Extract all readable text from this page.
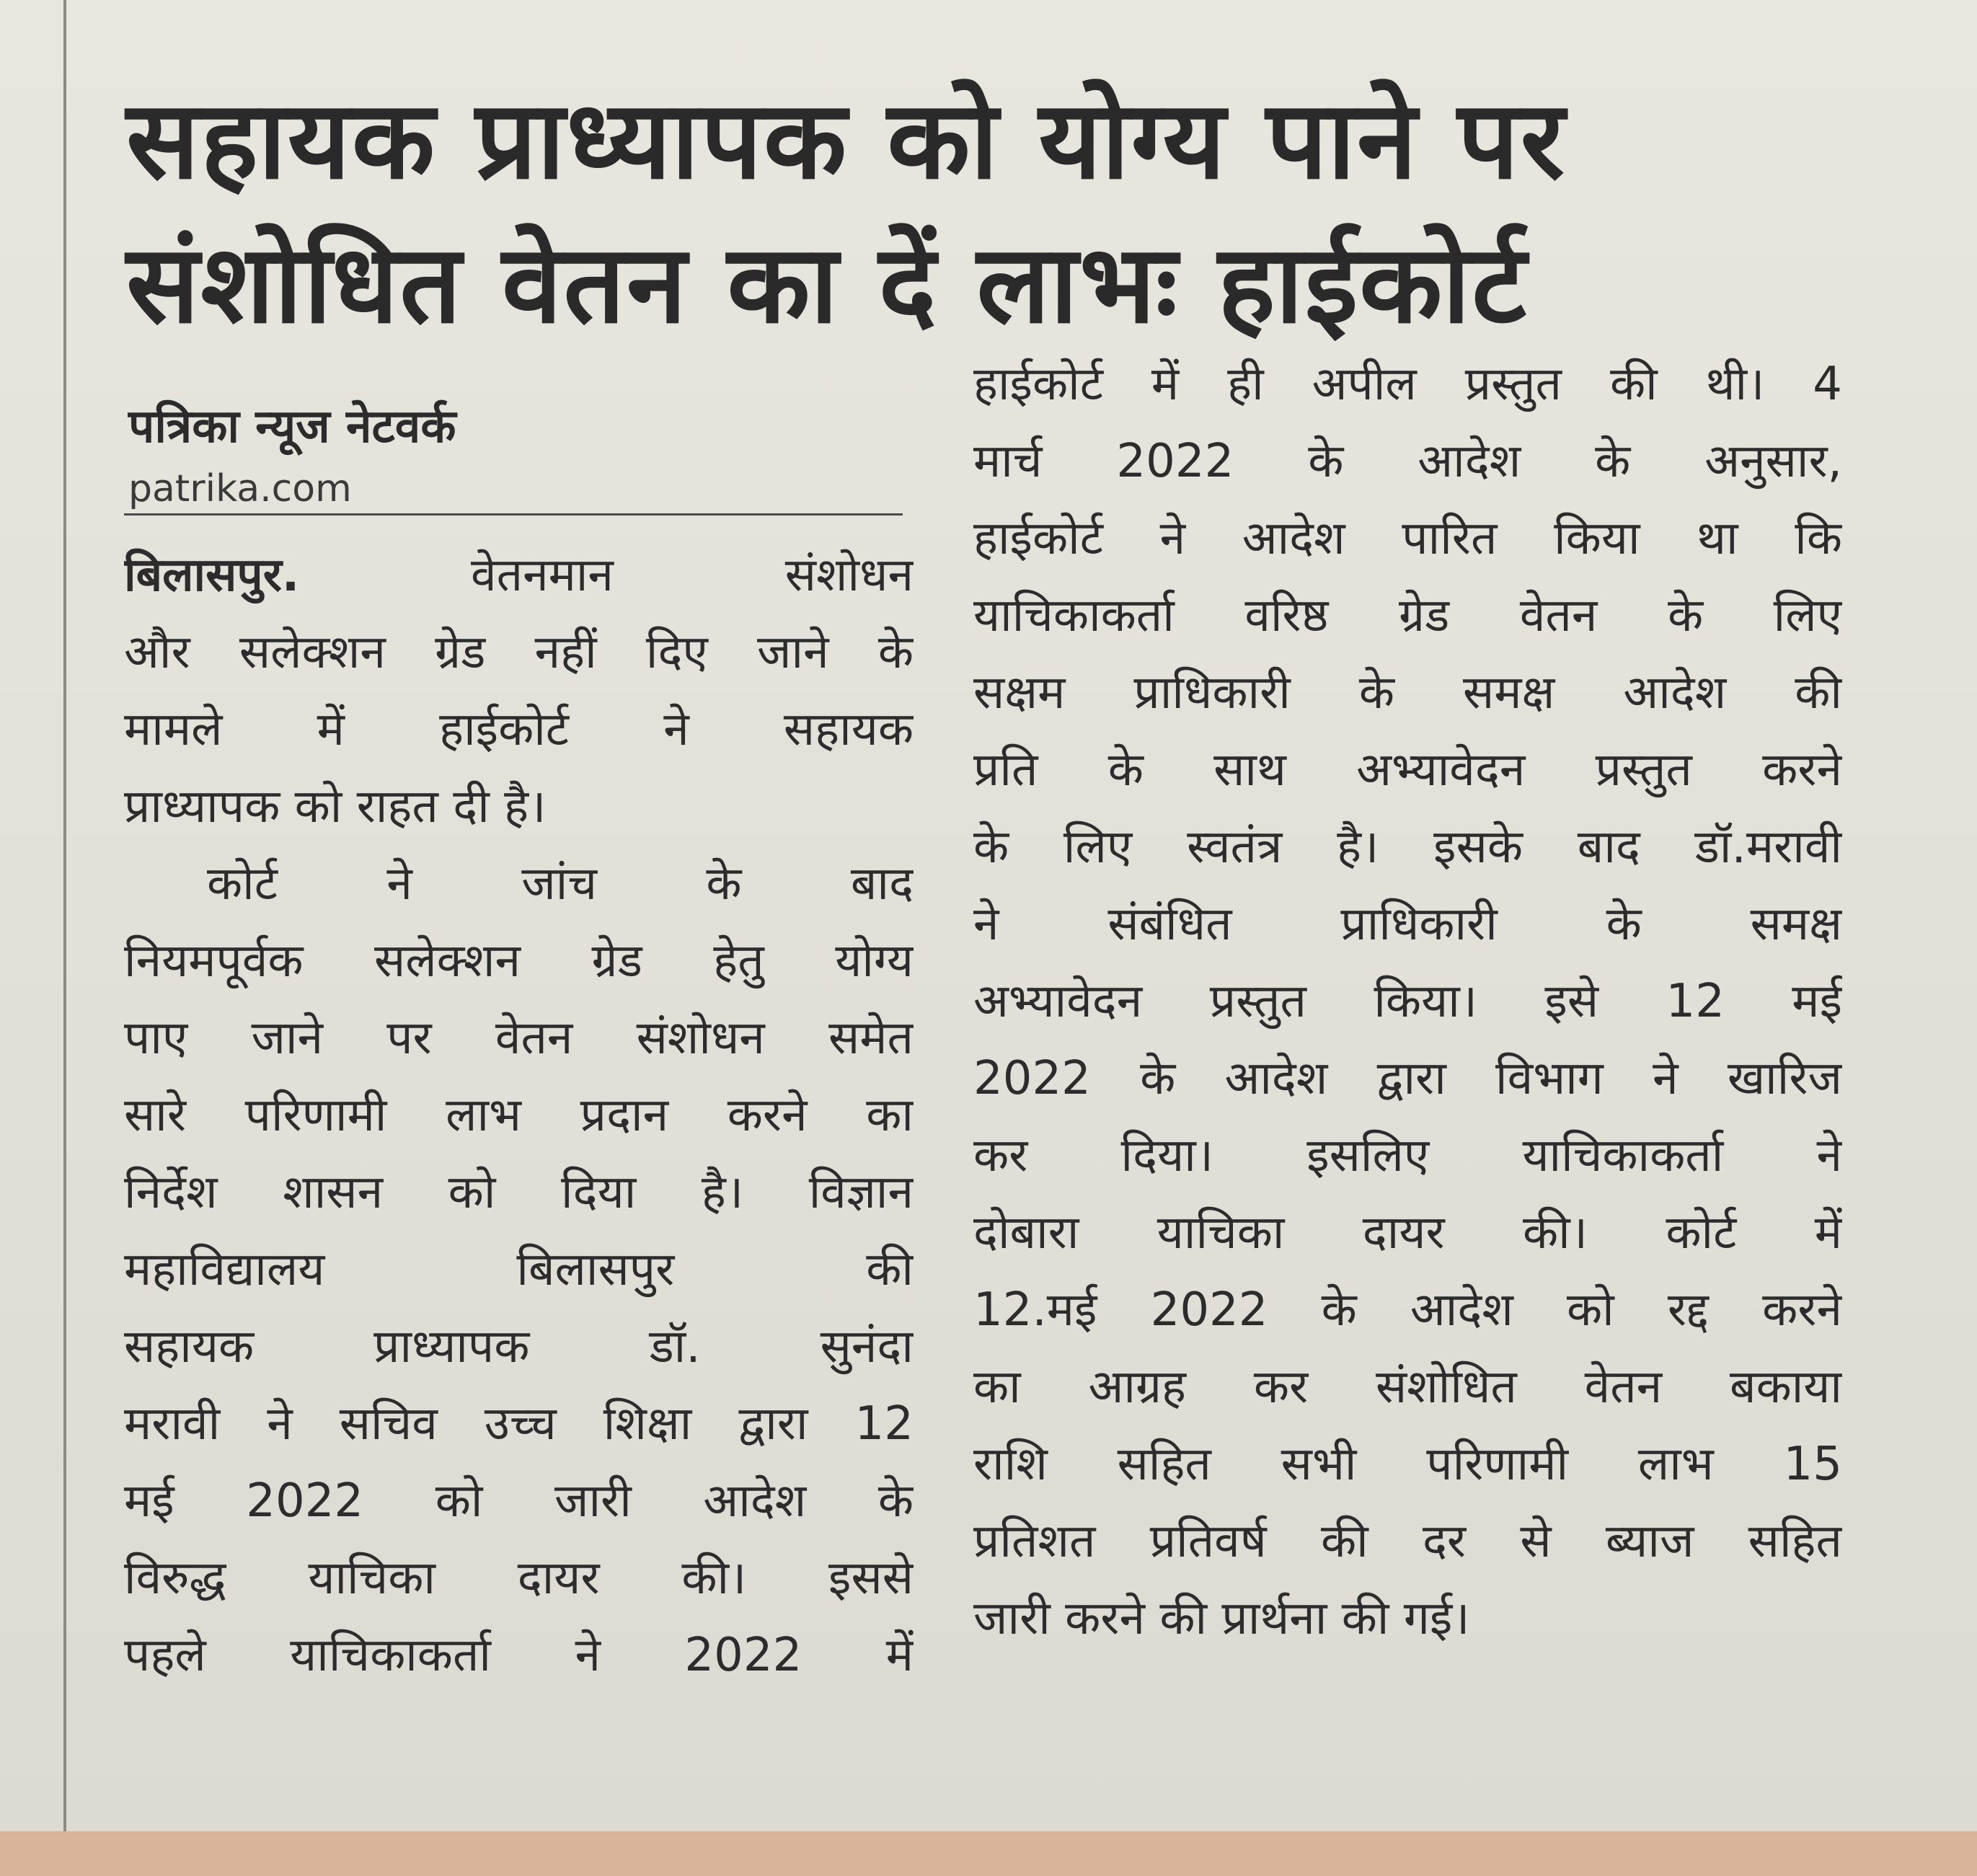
सहायक प्राध्यापक को योग्य पाने पर
संशोधित वेतन का दें लाभः हाईकोर्ट
पत्रिका न्यूज नेटवर्क
patrika.com
बिलासपुर.	वेतनमान संशोधन
और सलेक्शन ग्रेड नहीं दिए जाने के
मामले में हाईकोर्ट ने सहायक
प्राध्यापक को राहत दी है।
कोर्ट ने जांच के बाद
नियमपूर्वक सलेक्शन ग्रेड हेतु योग्य
पाए जाने पर वेतन संशोधन समेत
सारे परिणामी लाभ प्रदान करने का
निर्देश शासन को दिया है। विज्ञान
महाविद्यालय बिलासपुर की
सहायक प्राध्यापक डॉ. सुनंदा
मरावी ने सचिव उच्च शिक्षा द्वारा 12
मई 2022 को जारी आदेश के
विरुद्ध याचिका दायर की। इससे
पहले याचिकाकर्ता ने 2022 में
हाईकोर्ट में ही अपील प्रस्तुत की थी। 4
मार्च 2022 के आदेश के अनुसार,
हाईकोर्ट ने आदेश पारित किया था कि
याचिकाकर्ता वरिष्ठ ग्रेड वेतन के लिए
सक्षम प्राधिकारी के समक्ष आदेश की
प्रति के साथ अभ्यावेदन प्रस्तुत करने
के लिए स्वतंत्र है। इसके बाद डॉ.मरावी
ने संबंधित प्राधिकारी के समक्ष
अभ्यावेदन प्रस्तुत किया। इसे 12 मई
2022 के आदेश द्वारा विभाग ने खारिज
कर दिया। इसलिए याचिकाकर्ता ने
दोबारा याचिका दायर की। कोर्ट में
12.मई 2022 के आदेश को रद्द करने
का आग्रह कर संशोधित वेतन बकाया
राशि सहित सभी परिणामी लाभ 15
प्रतिशत प्रतिवर्ष की दर से ब्याज सहित
जारी करने की प्रार्थना की गई।
